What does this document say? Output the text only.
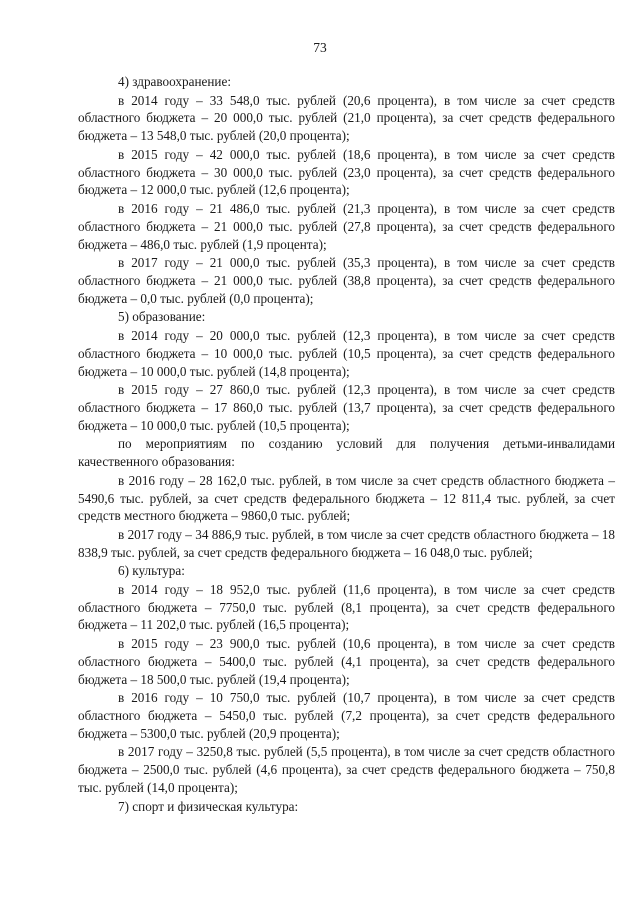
73

4) здравоохранение:

в 2014 году – 33 548,0 тыс. рублей (20,6 процента), в том числе за счет средств областного бюджета – 20 000,0 тыс. рублей (21,0 процента), за счет средств федерального бюджета – 13 548,0 тыс. рублей (20,0 процента);

в 2015 году – 42 000,0 тыс. рублей (18,6 процента), в том числе за счет средств областного бюджета – 30 000,0 тыс. рублей (23,0 процента), за счет средств федерального бюджета – 12 000,0 тыс. рублей (12,6 процента);

в 2016 году – 21 486,0 тыс. рублей (21,3 процента), в том числе за счет средств областного бюджета – 21 000,0 тыс. рублей (27,8 процента), за счет средств федерального бюджета – 486,0 тыс. рублей (1,9 процента);

в 2017 году – 21 000,0 тыс. рублей (35,3 процента), в том числе за счет средств областного бюджета – 21 000,0 тыс. рублей (38,8 процента), за счет средств федерального бюджета – 0,0 тыс. рублей (0,0 процента);

5) образование:

в 2014 году – 20 000,0 тыс. рублей (12,3 процента), в том числе за счет средств областного бюджета – 10 000,0 тыс. рублей (10,5 процента), за счет средств федерального бюджета – 10 000,0 тыс. рублей (14,8 процента);

в 2015 году – 27 860,0 тыс. рублей (12,3 процента), в том числе за счет средств областного бюджета – 17 860,0 тыс. рублей (13,7 процента), за счет средств федерального бюджета – 10 000,0 тыс. рублей (10,5 процента);

по мероприятиям по созданию условий для получения детьми-инвалидами качественного образования:

в 2016 году – 28 162,0 тыс. рублей, в том числе за счет средств областного бюджета – 5490,6 тыс. рублей, за счет средств федерального бюджета – 12 811,4 тыс. рублей, за счет средств местного бюджета – 9860,0 тыс. рублей;

в 2017 году – 34 886,9 тыс. рублей, в том числе за счет средств областного бюджета – 18 838,9 тыс. рублей, за счет средств федерального бюджета – 16 048,0 тыс. рублей;

6) культура:

в 2014 году – 18 952,0 тыс. рублей (11,6 процента), в том числе за счет средств областного бюджета – 7750,0 тыс. рублей (8,1 процента), за счет средств федерального бюджета – 11 202,0 тыс. рублей (16,5 процента);

в 2015 году – 23 900,0 тыс. рублей (10,6 процента), в том числе за счет средств областного бюджета – 5400,0 тыс. рублей (4,1 процента), за счет средств федерального бюджета – 18 500,0 тыс. рублей (19,4 процента);

в 2016 году – 10 750,0 тыс. рублей (10,7 процента), в том числе за счет средств областного бюджета – 5450,0 тыс. рублей (7,2 процента), за счет средств федерального бюджета – 5300,0 тыс. рублей (20,9 процента);

в 2017 году – 3250,8 тыс. рублей (5,5 процента), в том числе за счет средств областного бюджета – 2500,0 тыс. рублей (4,6 процента), за счет средств федерального бюджета – 750,8 тыс. рублей (14,0 процента);

7) спорт и физическая культура:
